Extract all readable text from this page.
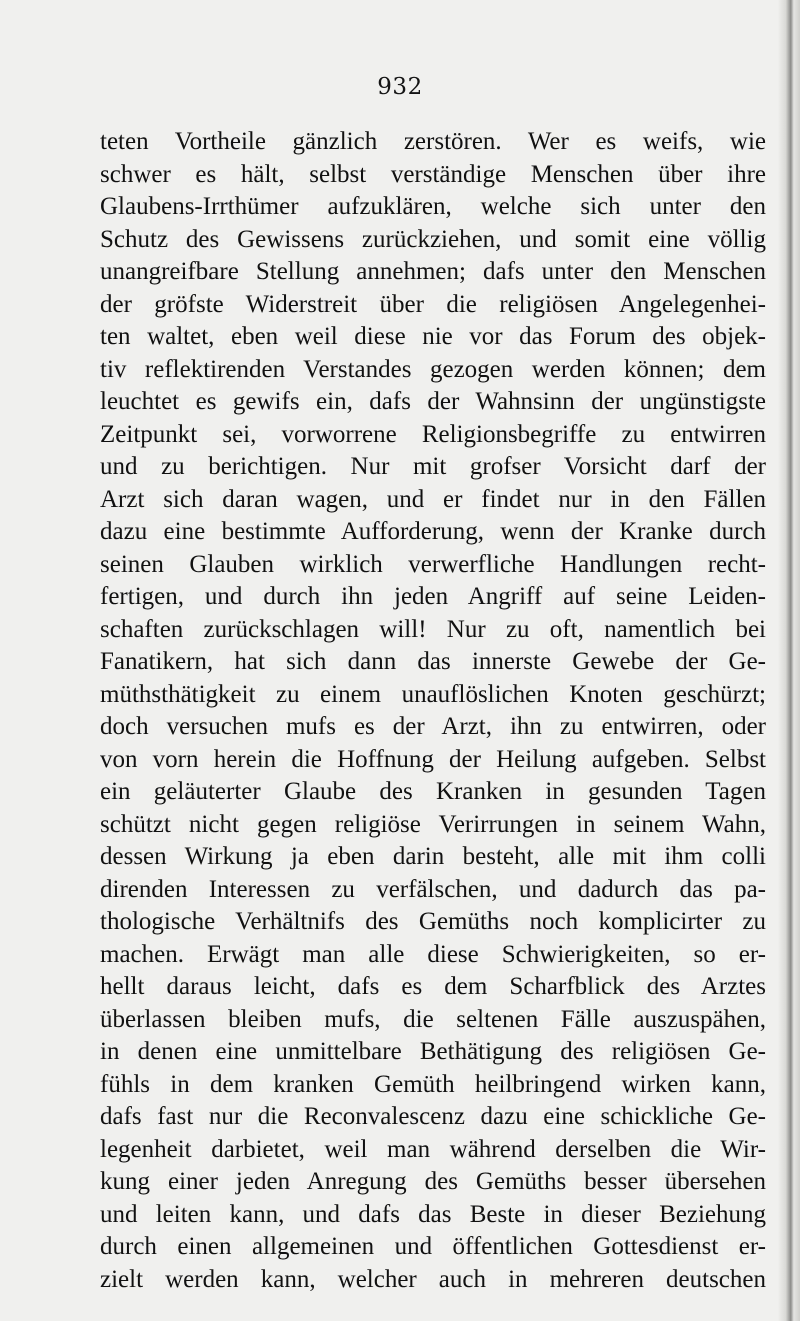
932
teten Vortheile gänzlich zerstören. Wer es weifs, wie
schwer es hält, selbst verständige Menschen über ihre
Glaubens-Irrthümer aufzuklären, welche sich unter den
Schutz des Gewissens zurückziehen, und somit eine völlig
unangreifbare Stellung annehmen; dafs unter den Menschen
der gröfste Widerstreit über die religiösen Angelegenhei-
ten waltet, eben weil diese nie vor das Forum des objek-
tiv reflektirenden Verstandes gezogen werden können; dem
leuchtet es gewifs ein, dafs der Wahnsinn der ungünstigste
Zeitpunkt sei, vorworrene Religionsbegriffe zu entwirren
und zu berichtigen. Nur mit grofser Vorsicht darf der
Arzt sich daran wagen, und er findet nur in den Fällen
dazu eine bestimmte Aufforderung, wenn der Kranke durch
seinen Glauben wirklich verwerfliche Handlungen recht-
fertigen, und durch ihn jeden Angriff auf seine Leiden-
schaften zurückschlagen will! Nur zu oft, namentlich bei
Fanatikern, hat sich dann das innerste Gewebe der Ge-
müthsthätigkeit zu einem unauflöslichen Knoten geschürzt;
doch versuchen mufs es der Arzt, ihn zu entwirren, oder
von vorn herein die Hoffnung der Heilung aufgeben. Selbst
ein geläuterter Glaube des Kranken in gesunden Tagen
schützt nicht gegen religiöse Verirrungen in seinem Wahn,
dessen Wirkung ja eben darin besteht, alle mit ihm colli
direnden Interessen zu verfälschen, und dadurch das pa-
thologische Verhältnifs des Gemüths noch komplicirter zu
machen. Erwägt man alle diese Schwierigkeiten, so er-
hellt daraus leicht, dafs es dem Scharfblick des Arztes
überlassen bleiben mufs, die seltenen Fälle auszuspähen,
in denen eine unmittelbare Bethätigung des religiösen Ge-
fühls in dem kranken Gemüth heilbringend wirken kann,
dafs fast nur die Reconvalescenz dazu eine schickliche Ge-
legenheit darbietet, weil man während derselben die Wir-
kung einer jeden Anregung des Gemüths besser übersehen
und leiten kann, und dafs das Beste in dieser Beziehung
durch einen allgemeinen und öffentlichen Gottesdienst er-
zielt werden kann, welcher auch in mehreren deutschen
